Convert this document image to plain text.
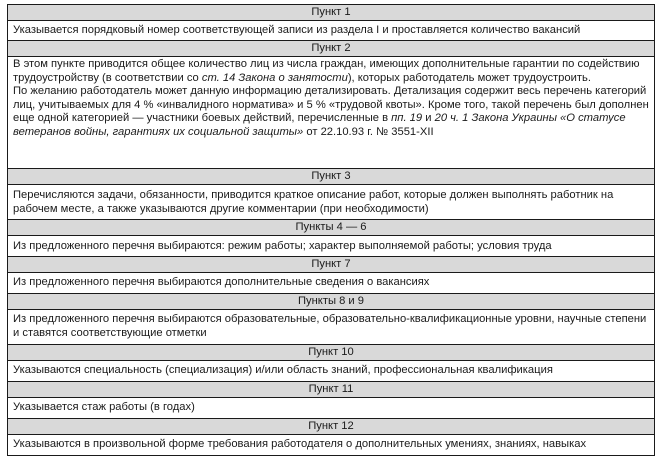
Пункт 1
Указывается порядковый номер соответствующей записи из раздела I и проставляется количество вакансий
Пункт 2
В этом пункте приводится общее количество лиц из числа граждан, имеющих дополнительные гарантии по содействию трудоустройству (в соответствии со ст. 14 Закона о занятости), которых работодатель может трудоустроить.
По желанию работодатель может данную информацию детализировать. Детализация содержит весь перечень категорий лиц, учитываемых для 4 % «инвалидного норматива» и 5 % «трудовой квоты». Кроме того, такой перечень был дополнен еще одной категорией — участники боевых действий, перечисленные в пп. 19 и 20 ч. 1 Закона Украины «О статусе ветеранов войны, гарантиях их социальной защиты» от 22.10.93 г. № 3551-XII
Пункт 3
Перечисляются задачи, обязанности, приводится краткое описание работ, которые должен выполнять работник на рабочем месте, а также указываются другие комментарии (при необходимости)
Пункты 4 — 6
Из предложенного перечня выбираются: режим работы; характер выполняемой работы; условия труда
Пункт 7
Из предложенного перечня выбираются дополнительные сведения о вакансиях
Пункты 8 и 9
Из предложенного перечня выбираются образовательные, образовательно-квалификационные уровни, научные степени и ставятся соответствующие отметки
Пункт 10
Указываются специальность (специализация) и/или область знаний, профессиональная квалификация
Пункт 11
Указывается стаж работы (в годах)
Пункт 12
Указываются в произвольной форме требования работодателя о дополнительных умениях, знаниях, навыках
